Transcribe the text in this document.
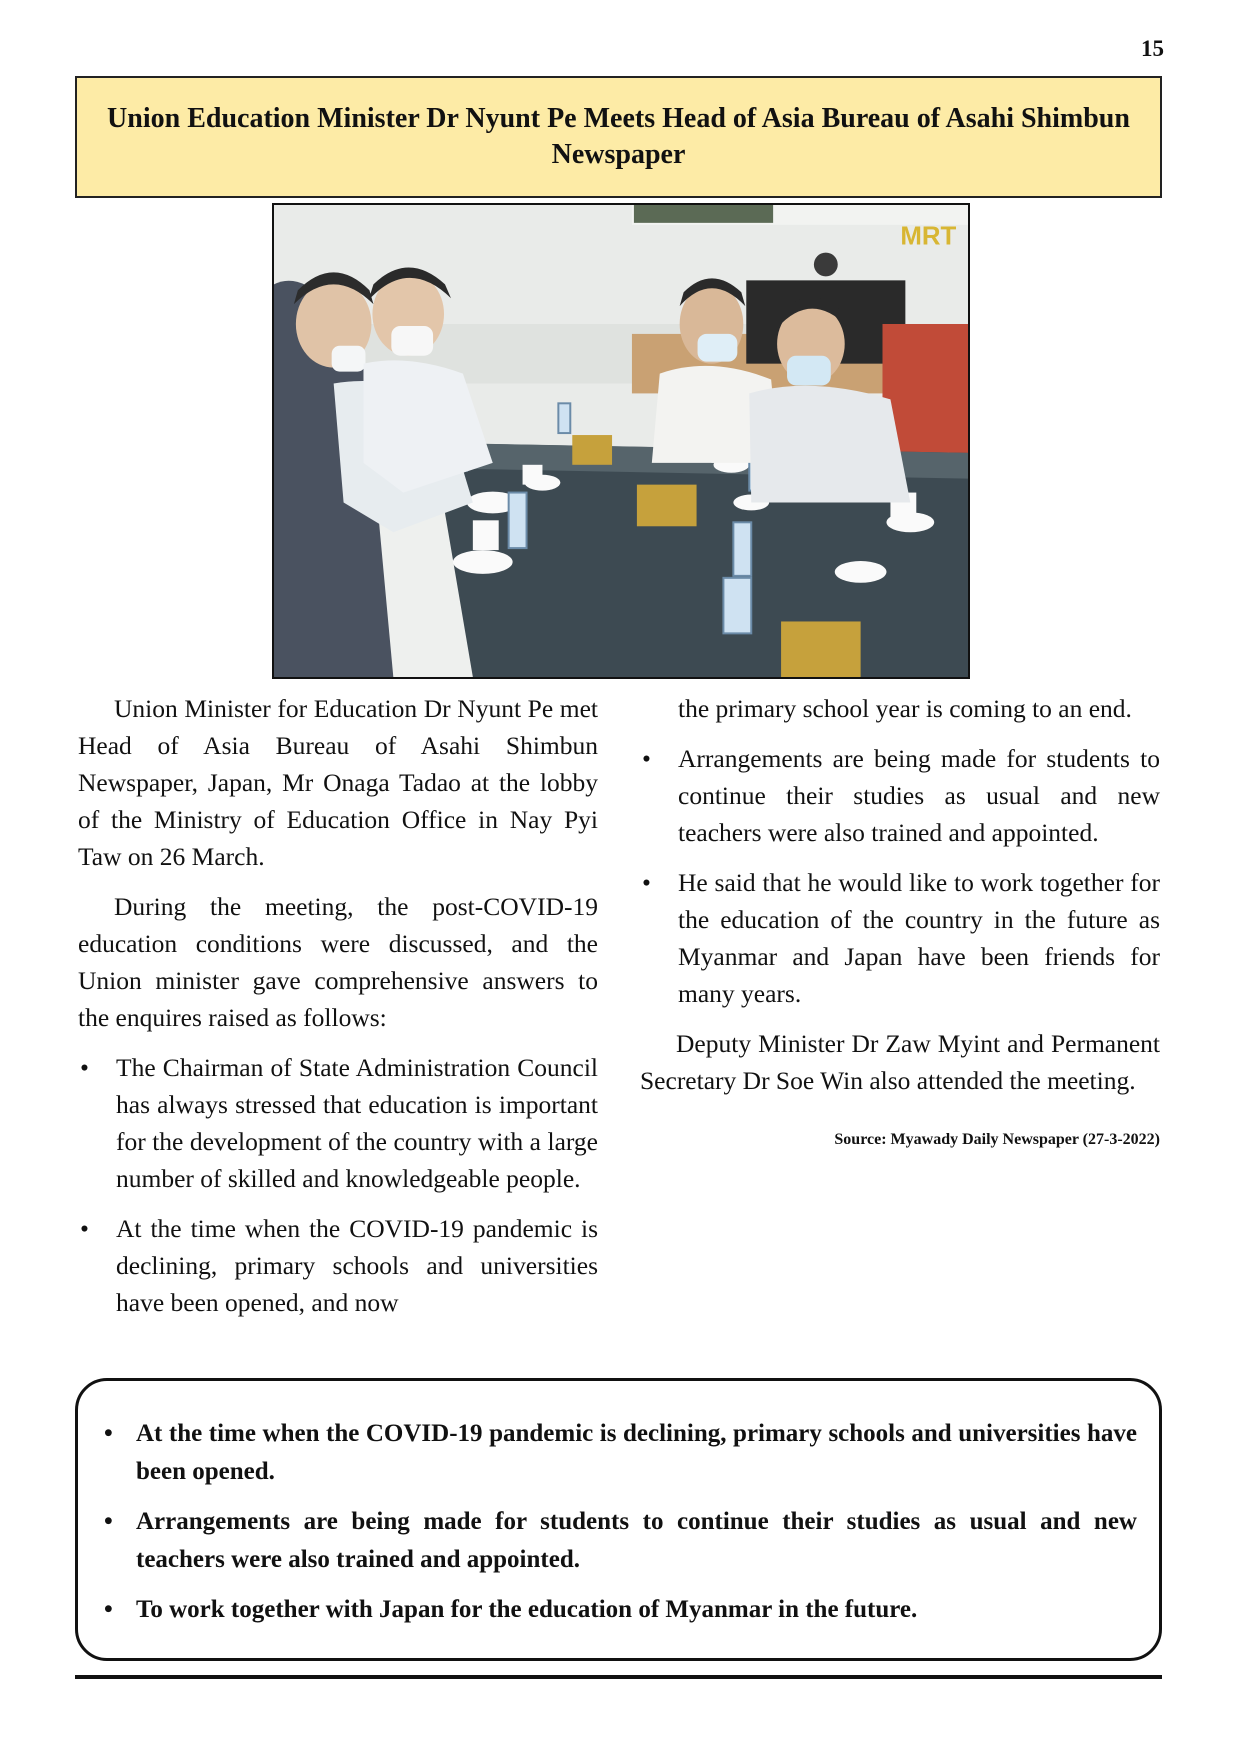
15
Union Education Minister Dr Nyunt Pe Meets Head of Asia Bureau of Asahi Shimbun Newspaper
MRT

Union Minister for Education Dr Nyunt Pe met Head of Asia Bureau of Asahi Shimbun Newspaper, Japan, Mr Onaga Tadao at the lobby of the Ministry of Education Office in Nay Pyi Taw on 26 March.

During the meeting, the post-COVID-19 education conditions were discussed, and the Union minister gave comprehensive answers to the enquires raised as follows:

• The Chairman of State Administration Council has always stressed that education is important for the development of the country with a large number of skilled and knowledgeable people.
• At the time when the COVID-19 pandemic is declining, primary schools and universities have been opened, and now

the primary school year is coming to an end.

• Arrangements are being made for students to continue their studies as usual and new teachers were also trained and appointed.
• He said that he would like to work together for the education of the country in the future as Myanmar and Japan have been friends for many years.

Deputy Minister Dr Zaw Myint and Permanent Secretary Dr Soe Win also attended the meeting.

Source: Myawady Daily Newspaper (27-3-2022)
• At the time when the COVID-19 pandemic is declining, primary schools and universities have been opened.
• Arrangements are being made for students to continue their studies as usual and new teachers were also trained and appointed.
• To work together with Japan for the education of Myanmar in the future.
